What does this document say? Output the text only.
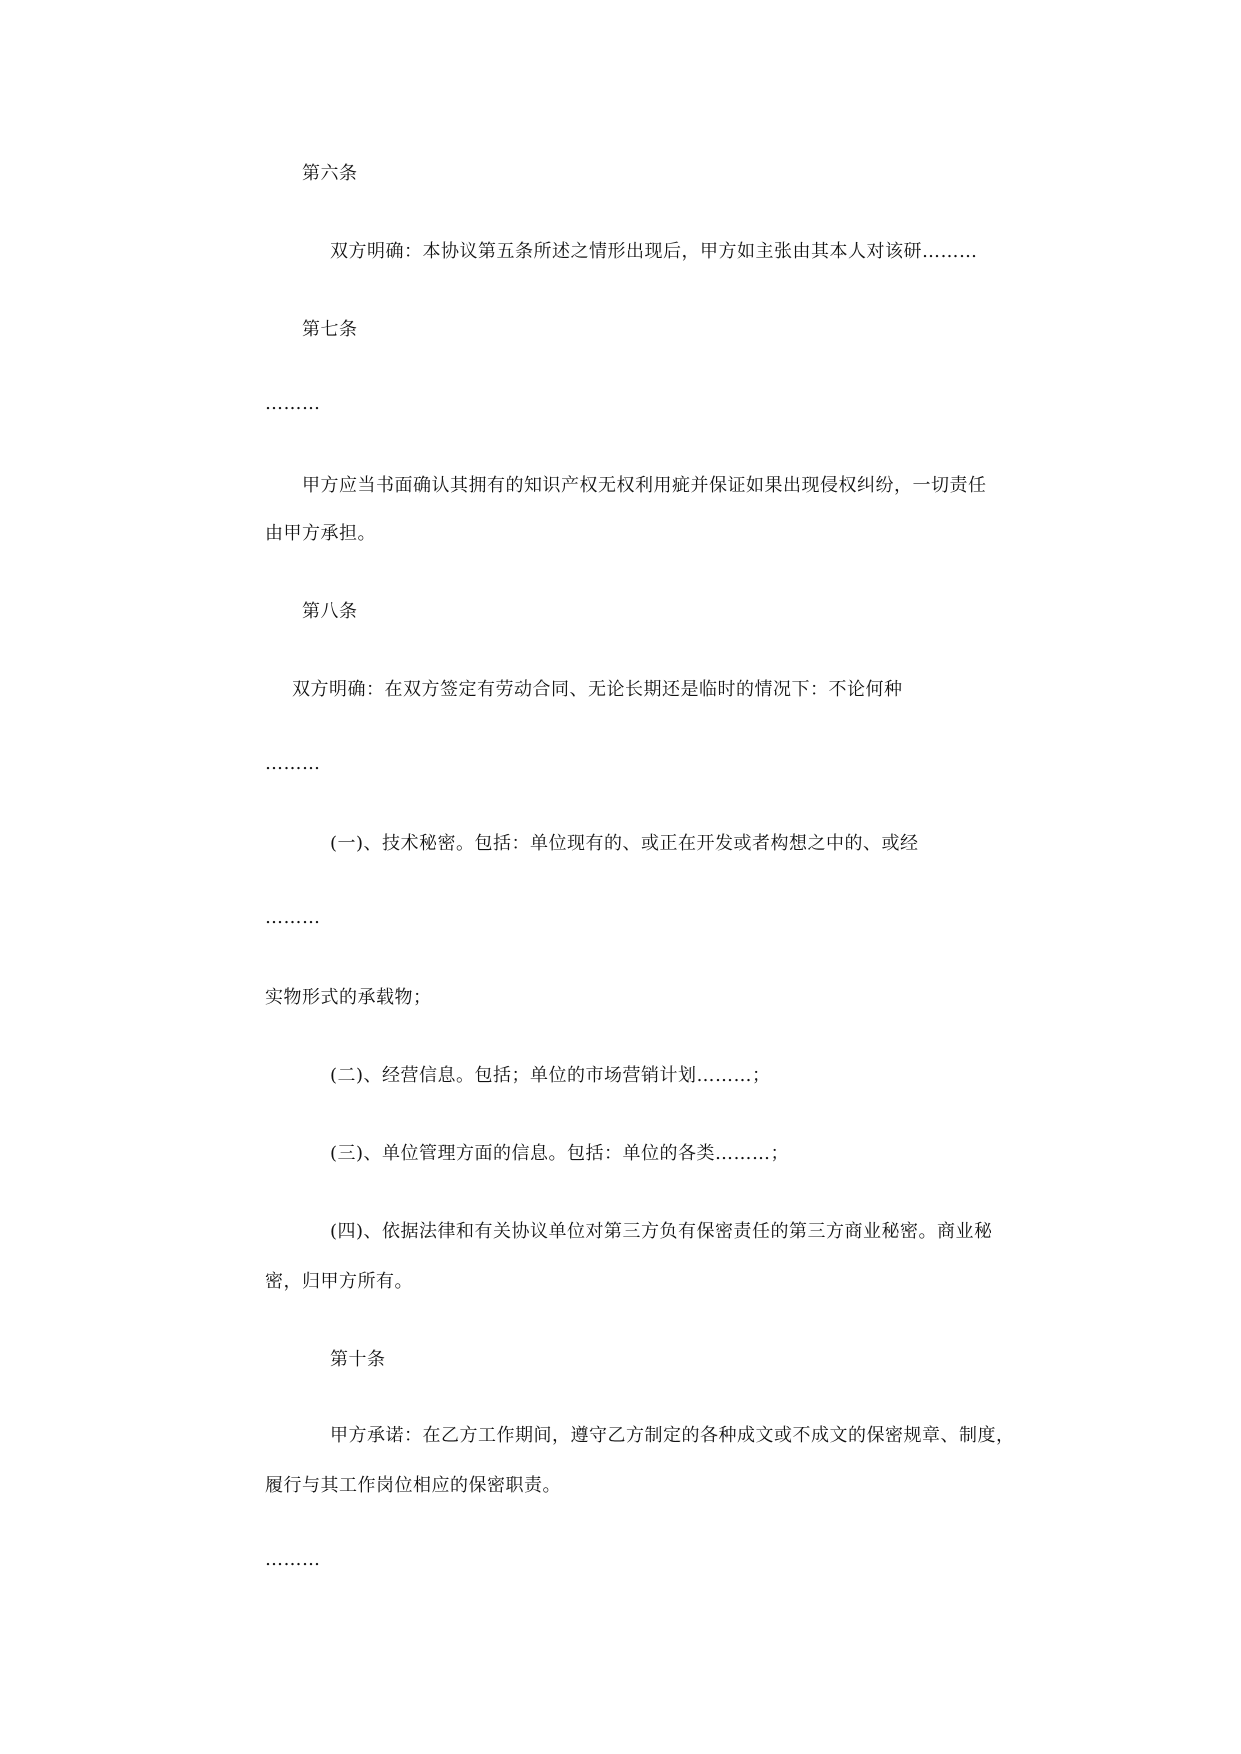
第六条
双方明确：本协议第五条所述之情形出现后，甲方如主张由其本人对该研………
第七条
………
甲方应当书面确认其拥有的知识产权无权利用疵并保证如果出现侵权纠纷，一切责任
由甲方承担。
第八条
双方明确：在双方签定有劳动合同、无论长期还是临时的情况下：不论何种
………
(一)、技术秘密。包括：单位现有的、或正在开发或者构想之中的、或经
………
实物形式的承载物；
(二)、经营信息。包括；单位的市场营销计划………；
(三)、单位管理方面的信息。包括：单位的各类………；
(四)、依据法律和有关协议单位对第三方负有保密责任的第三方商业秘密。商业秘
密，归甲方所有。
第十条
甲方承诺：在乙方工作期间，遵守乙方制定的各种成文或不成文的保密规章、制度，
履行与其工作岗位相应的保密职责。
………
